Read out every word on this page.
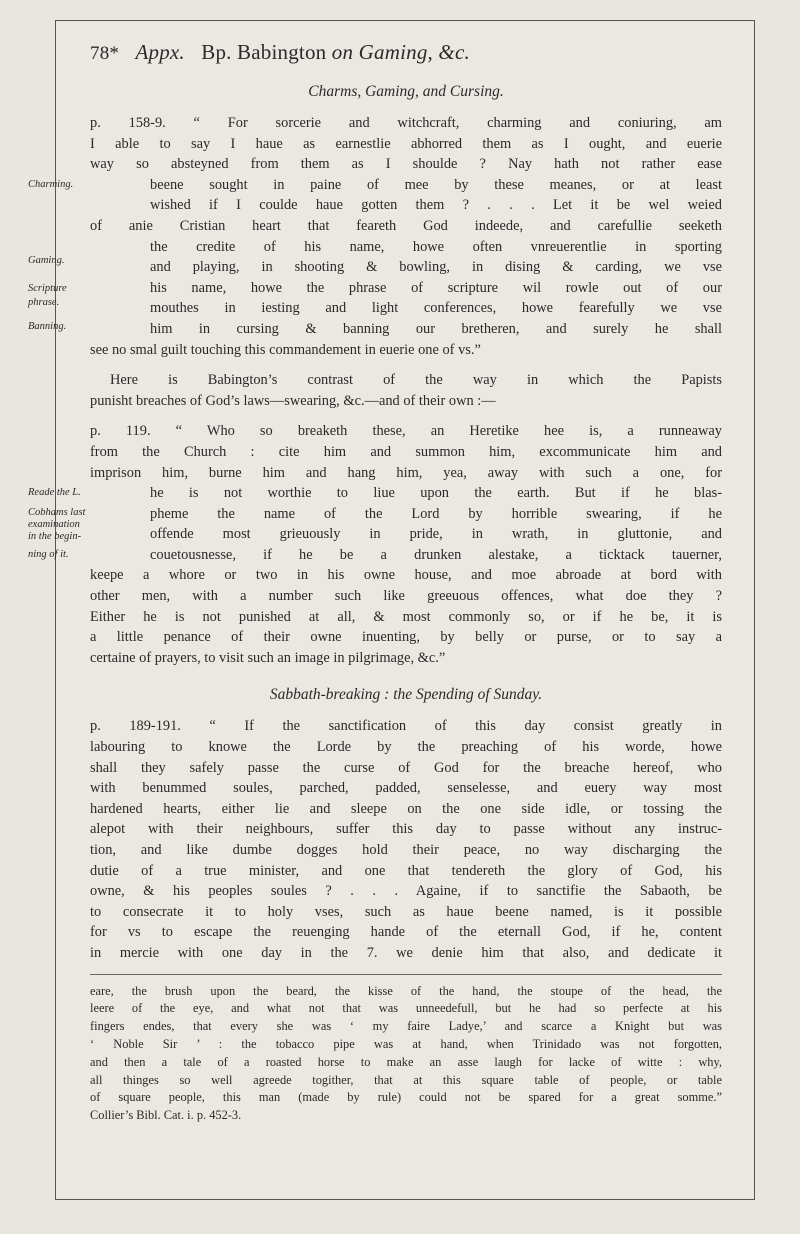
78* Appx. Bp. Babington on Gaming, &c.
Charms, Gaming, and Cursing.
p. 158-9. “ For sorcerie and witchcraft, charming and coniuring, am
I able to say I haue as earnestlie abhorred them as I ought, and euerie
way so absteyned from them as I shoulde ? Nay hath not rather ease
beene sought in paine of mee by these meanes, or at least
wished if I coulde haue gotten them ? . . . Let it be wel weied
of anie Cristian heart that feareth God indeede, and carefullie seeketh
the credite of his name, howe often vnreuerentlie in sporting
and playing, in shooting & bowling, in dising & carding, we vse
his name, howe the phrase of scripture wil rowle out of our
mouthes in iesting and light conferences, howe fearefully we vse
him in cursing & banning our bretheren, and surely he shall
see no smal guilt touching this commandement in euerie one of vs.”
Charming.
Gaming.
Scripture
phrase.
Banning.
Here is Babington’s contrast of the way in which the Papists
punisht breaches of God’s laws—swearing, &c.—and of their own :—
p. 119. “ Who so breaketh these, an Heretike hee is, a runneaway
from the Church : cite him and summon him, excommunicate him and
imprison him, burne him and hang him, yea, away with such a one, for
he is not worthie to liue upon the earth. But if he blas-
pheme the name of the Lord by horrible swearing, if he
offende most grieuously in pride, in wrath, in gluttonie, and
couetousnesse, if he be a drunken alestake, a ticktack tauerner,
keepe a whore or two in his owne house, and moe abroade at bord with
other men, with a number such like greeuous offences, what doe they ?
Either he is not punished at all, & most commonly so, or if he be, it is
a little penance of their owne inuenting, by belly or purse, or to say a
certaine of prayers, to visit such an image in pilgrimage, &c.”
Reade the L.
Cobhams last
examination
in the begin-
ning of it.
Sabbath-breaking : the Spending of Sunday.
p. 189-191. “ If the sanctification of this day consist greatly in
labouring to knowe the Lorde by the preaching of his worde, howe
shall they safely passe the curse of God for the breache hereof, who
with benummed soules, parched, padded, senselesse, and euery way most
hardened hearts, either lie and sleepe on the one side idle, or tossing the
alepot with their neighbours, suffer this day to passe without any instruc-
tion, and like dumbe dogges hold their peace, no way discharging the
dutie of a true minister, and one that tendereth the glory of God, his
owne, & his peoples soules ? . . . Againe, if to sanctifie the Sabaoth, be
to consecrate it to holy vses, such as haue beene named, is it possible
for vs to escape the reuenging hande of the eternall God, if he, content
in mercie with one day in the 7. we denie him that also, and dedicate it
eare, the brush upon the beard, the kisse of the hand, the stoupe of the head, the
leere of the eye, and what not that was unneedefull, but he had so perfecte at his
fingers endes, that every she was ‘ my faire Ladye,’ and scarce a Knight but was
‘ Noble Sir ’ : the tobacco pipe was at hand, when Trinidado was not forgotten,
and then a tale of a roasted horse to make an asse laugh for lacke of witte : why,
all thinges so well agreede togither, that at this square table of people, or table
of square people, this man (made by rule) could not be spared for a great somme.”
Collier’s Bibl. Cat. i. p. 452-3.
